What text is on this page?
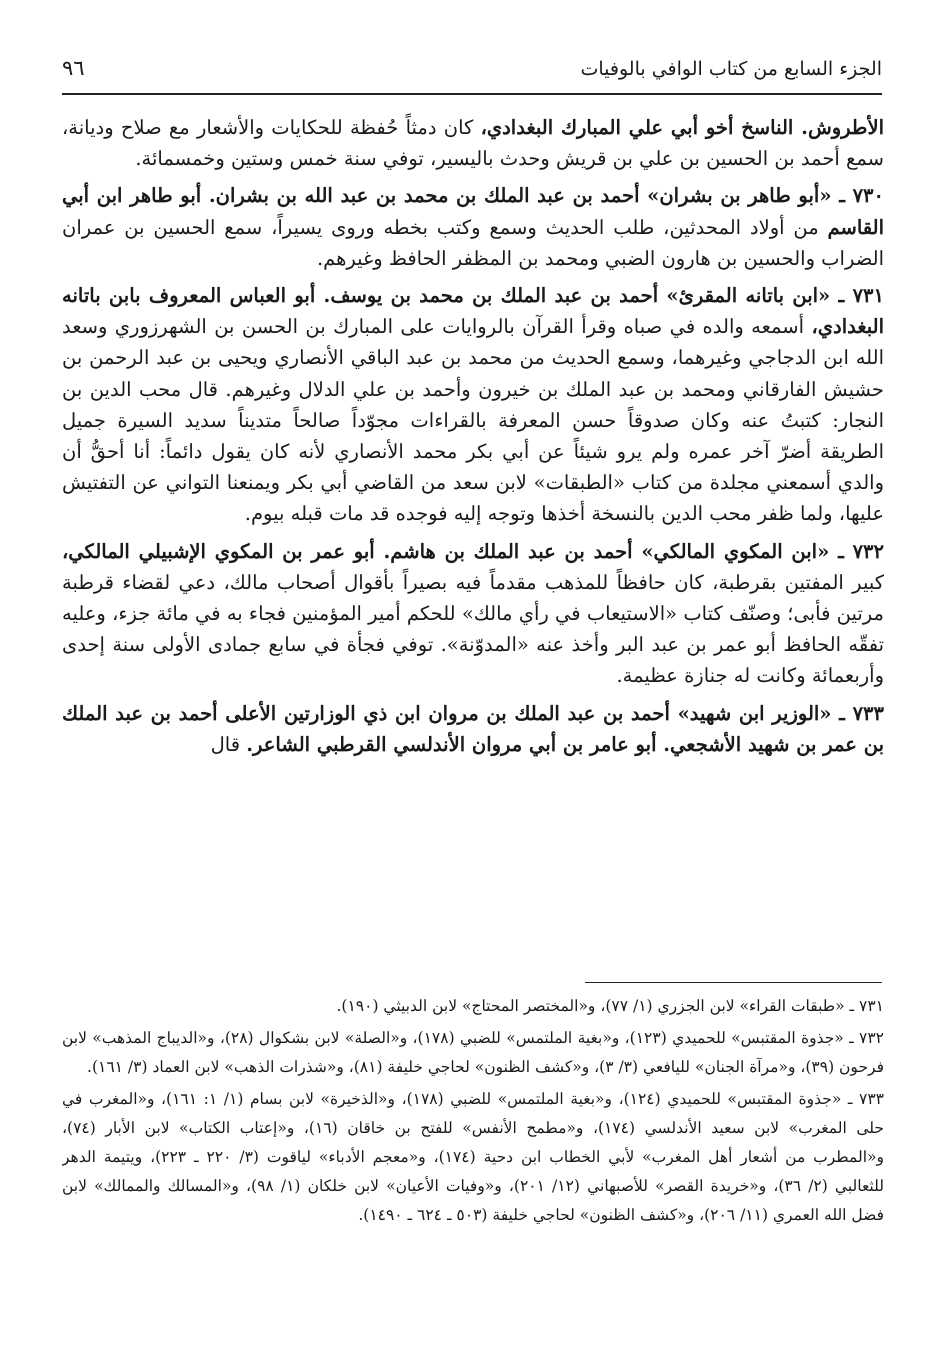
الجزء السابع من كتاب الوافي بالوفيات
٩٦

الأطروش. الناسخ أخو أبي علي المبارك البغدادي، كان دمثاً حُفظة للحكايات والأشعار مع صلاح وديانة، سمع أحمد بن الحسين بن علي بن قريش وحدث باليسير، توفي سنة خمس وستين وخمسمائة.

٧٣٠ ـ «أبو طاهر بن بشران» أحمد بن عبد الملك بن محمد بن عبد الله بن بشران. أبو طاهر ابن أبي القاسم من أولاد المحدثين، طلب الحديث وسمع وكتب بخطه وروى يسيراً، سمع الحسين بن عمران الضراب والحسين بن هارون الضبي ومحمد بن المظفر الحافظ وغيرهم.

٧٣١ ـ «ابن باتانه المقرئ» أحمد بن عبد الملك بن محمد بن يوسف. أبو العباس المعروف بابن باتانه البغدادي، أسمعه والده في صباه وقرأ القرآن بالروايات على المبارك بن الحسن بن الشهرزوري وسعد الله ابن الدجاجي وغيرهما، وسمع الحديث من محمد بن عبد الباقي الأنصاري ويحيى بن عبد الرحمن بن حشيش الفارقاني ومحمد بن عبد الملك بن خيرون وأحمد بن علي الدلال وغيرهم. قال محب الدين بن النجار: كتبتُ عنه وكان صدوقاً حسن المعرفة بالقراءات مجوّداً صالحاً متديناً سديد السيرة جميل الطريقة أضرّ آخر عمره ولم يرو شيئاً عن أبي بكر محمد الأنصاري لأنه كان يقول دائماً: أنا أحقُّ أن والدي أسمعني مجلدة من كتاب «الطبقات» لابن سعد من القاضي أبي بكر ويمنعنا التواني عن التفتيش عليها، ولما ظفر محب الدين بالنسخة أخذها وتوجه إليه فوجده قد مات قبله بيوم.

٧٣٢ ـ «ابن المكوي المالكي» أحمد بن عبد الملك بن هاشم. أبو عمر بن المكوي الإشبيلي المالكي، كبير المفتين بقرطبة، كان حافظاً للمذهب مقدماً فيه بصيراً بأقوال أصحاب مالك، دعي لقضاء قرطبة مرتين فأبى؛ وصنّف كتاب «الاستيعاب في رأي مالك» للحكم أمير المؤمنين فجاء به في مائة جزء، وعليه تفقّه الحافظ أبو عمر بن عبد البر وأخذ عنه «المدوّنة». توفي فجأة في سابع جمادى الأولى سنة إحدى وأربعمائة وكانت له جنازة عظيمة.

٧٣٣ ـ «الوزير ابن شهيد» أحمد بن عبد الملك بن مروان ابن ذي الوزارتين الأعلى أحمد بن عبد الملك بن عمر بن شهيد الأشجعي. أبو عامر بن أبي مروان الأندلسي القرطبي الشاعر. قال

٧٣١ ـ «طبقات القراء» لابن الجزري (١/ ٧٧)، و«المختصر المحتاج» لابن الدبيثي (١٩٠).

٧٣٢ ـ «جذوة المقتبس» للحميدي (١٢٣)، و«بغية الملتمس» للضبي (١٧٨)، و«الصلة» لابن بشكوال (٢٨)، و«الديباج المذهب» لابن فرحون (٣٩)، و«مرآة الجنان» لليافعي (٣/ ٣)، و«كشف الظنون» لحاجي خليفة (٨١)، و«شذرات الذهب» لابن العماد (٣/ ١٦١).

٧٣٣ ـ «جذوة المقتبس» للحميدي (١٢٤)، و«بغية الملتمس» للضبي (١٧٨)، و«الذخيرة» لابن بسام (١/ ١: ١٦١)، و«المغرب في حلى المغرب» لابن سعيد الأندلسي (١٧٤)، و«مطمح الأنفس» للفتح بن خاقان (١٦)، و«إعتاب الكتاب» لابن الأبار (٧٤)، و«المطرب من أشعار أهل المغرب» لأبي الخطاب ابن دحية (١٧٤)، و«معجم الأدباء» لياقوت (٣/ ٢٢٠ ـ ٢٢٣)، ويتيمة الدهر للثعالبي (٢/ ٣٦)، و«خريدة القصر» للأصبهاني (١٢/ ٢٠١)، و«وفيات الأعيان» لابن خلكان (١/ ٩٨)، و«المسالك والممالك» لابن فضل الله العمري (١١/ ٢٠٦)، و«كشف الظنون» لحاجي خليفة (٥٠٣ ـ ٦٢٤ ـ ١٤٩٠).
